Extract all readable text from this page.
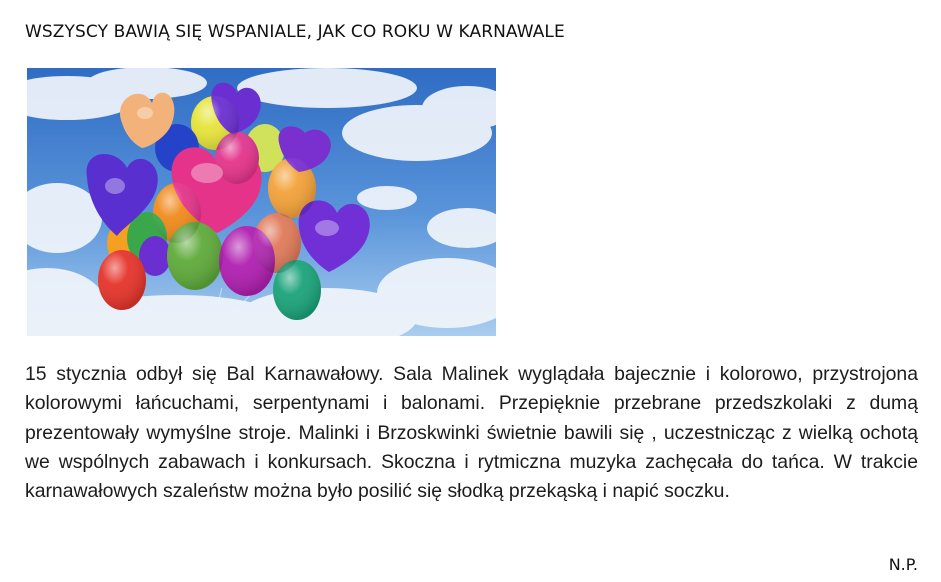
WSZYSCY BAWIĄ SIĘ WSPANIALE, JAK CO ROKU W KARNAWALE

15 stycznia odbył się Bal Karnawałowy. Sala Malinek wyglądała bajecznie i kolorowo, przystrojona kolorowymi łańcuchami, serpentynami i balonami. Przepięknie przebrane przedszkolaki z dumą prezentowały wymyślne stroje. Malinki i Brzoskwinki świetnie bawili się , uczestnicząc z wielką ochotą we wspólnych zabawach i konkursach. Skoczna i rytmiczna muzyka zachęcała do tańca. W trakcie karnawałowych szaleństw można było posilić się słodką przekąską i napić soczku.

N.P.
